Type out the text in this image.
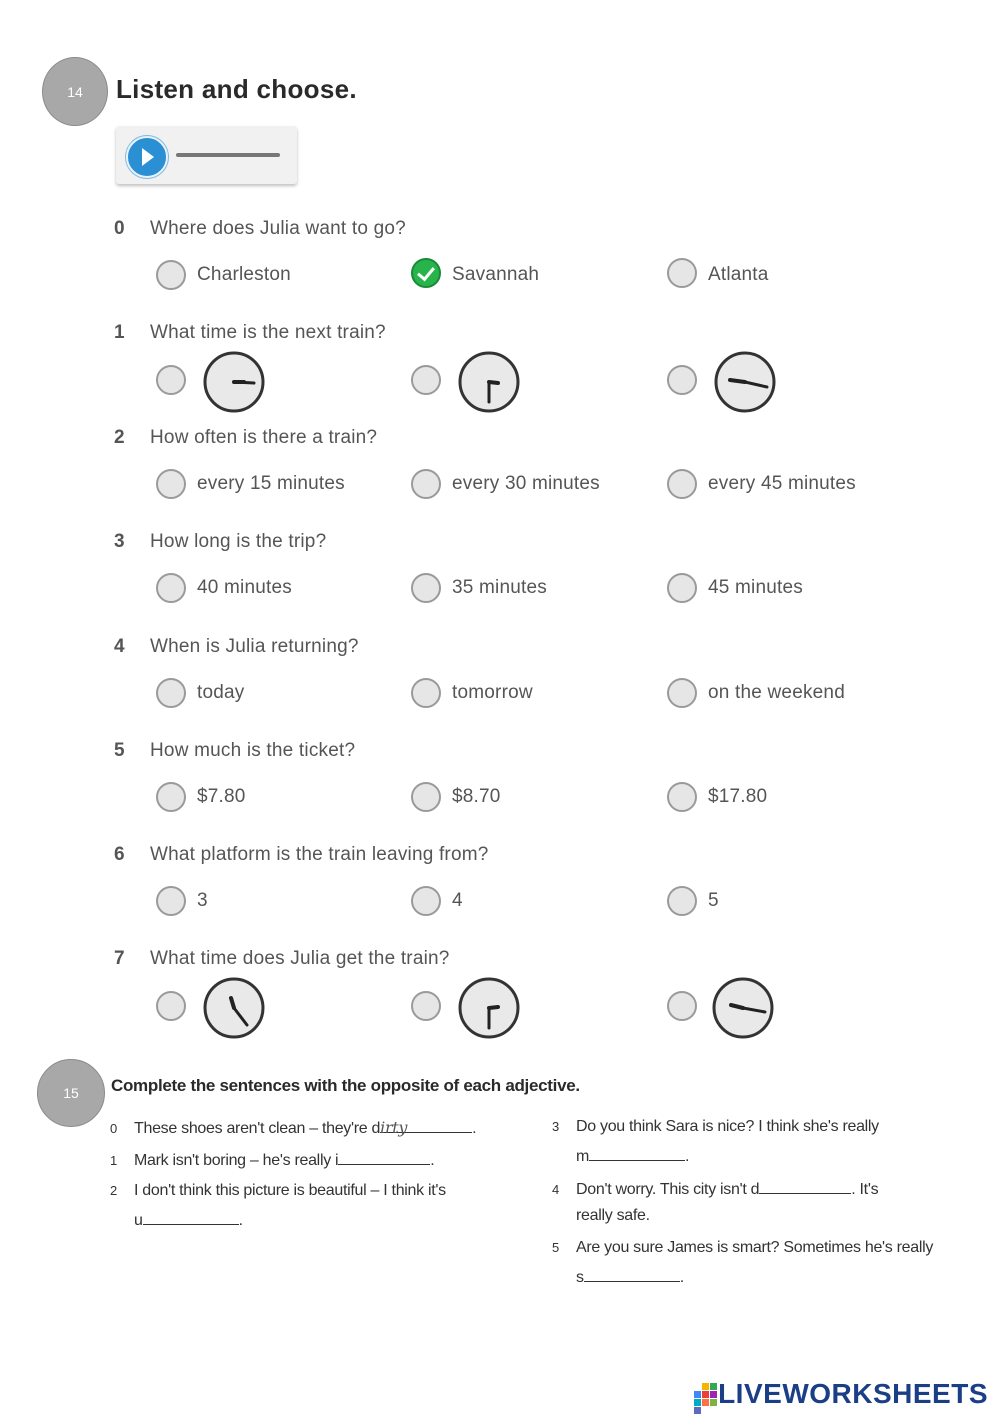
14	Listen and choose.
0 Where does Julia want to go?
Charleston	Savannah	Atlanta
1 What time is the next train?
2 How often is there a train?
every 15 minutes	every 30 minutes	every 45 minutes
3 How long is the trip?
40 minutes	35 minutes	45 minutes
4 When is Julia returning?
today	tomorrow	on the weekend
5 How much is the ticket?
$7.80	$8.70	$17.80
6 What platform is the train leaving from?
3	4	5
7 What time does Julia get the train?
15	Complete the sentences with the opposite of each adjective.
0 These shoes aren't clean – they're dirty	.
1 Mark isn't boring – he's really i	.
2 I don't think this picture is beautiful – I think it's
u	.
3 Do you think Sara is nice? I think she's really
m	.
4 Don't worry. This city isn't d	. It's
really safe.
5 Are you sure James is smart? Sometimes he's really
s	.
LIVEWORKSHEETS
